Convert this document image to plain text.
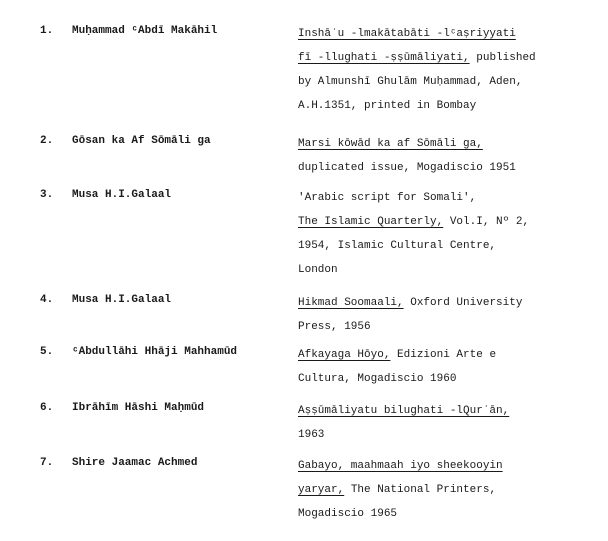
1.	Muḥammad ᶜAbdī Makāhil	Inshāʾu -lmakātabāti -lᶜaṣriyyati
fī -llughati -ṣṣūmāliyati, published
by Almunshī Ghulām Muḥammad, Aden,
A.H.1351, printed in Bombay
2.	Gōsan ka Af Sōmāli ga	Marsi kōwād ka af Sōmāli ga,
duplicated issue, Mogadiscio 1951
3.	Musa H.I.Galaal	'Arabic script for Somali',
The Islamic Quarterly, Vol.I, Nº 2,
1954, Islamic Cultural Centre,
London
4.	Musa H.I.Galaal	Hikmad Soomaali, Oxford University
Press, 1956
5.	ᶜAbdullāhi Hhāji Mahhamūd	Afkayaga Hōyo, Edizioni Arte e
Cultura, Mogadiscio 1960
6.	Ibrāhīm Hāshi Maḥmūd	Aṣṣūmāliyatu bilughati -lQurʾān,
1963
7.	Shire Jaamac Achmed	Gabayo, maahmaah iyo sheekooyin
yaryar, The National Printers,
Mogadiscio 1965
